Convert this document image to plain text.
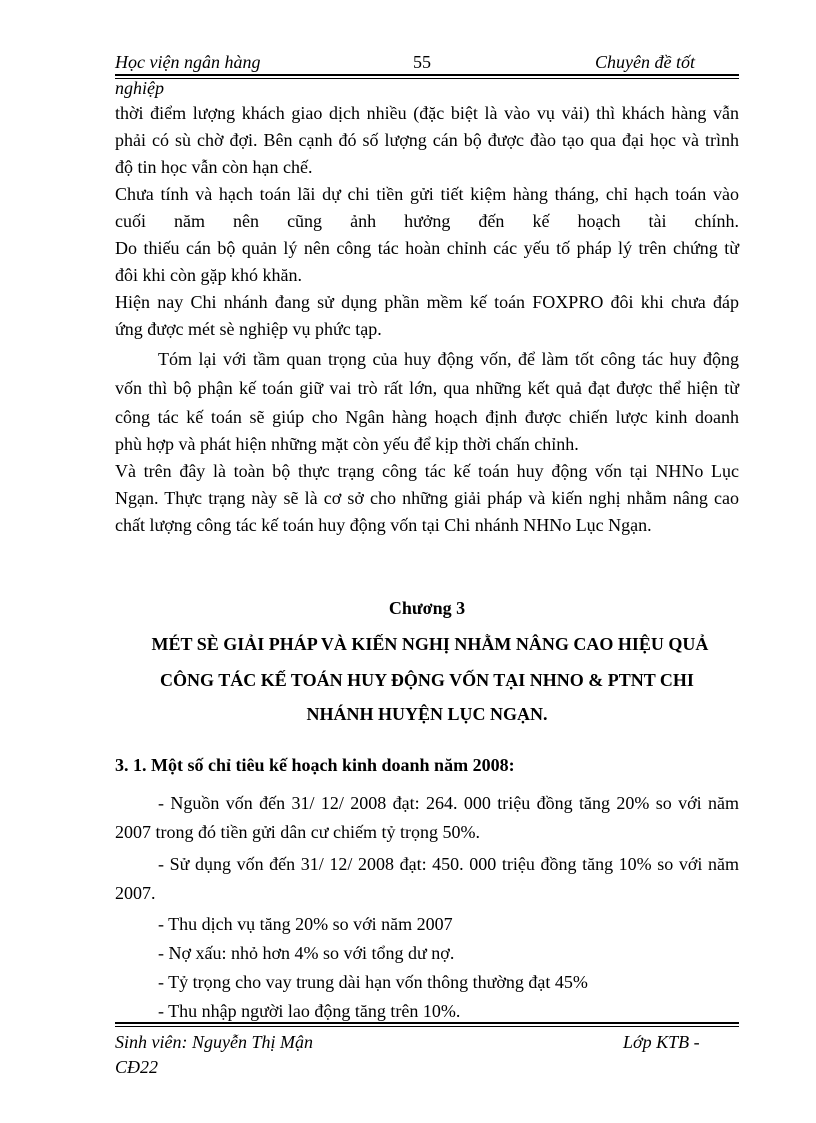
Học viện ngân hàng	55	Chuyên đề tốt
nghiệp
thời điểm lượng khách giao dịch nhiều (đặc biệt là vào vụ vải) thì khách hàng vẫn
phải có sù chờ đợi. Bên cạnh đó số lượng cán bộ được đào tạo qua đại học và trình
độ tin học vẫn còn hạn chế.
Chưa tính và hạch toán lãi dự chi tiền gửi tiết kiệm hàng tháng, chỉ hạch toán vào
cuối năm nên cũng ảnh hưởng đến kế hoạch tài chính.
Do thiếu cán bộ quản lý nên công tác hoàn chỉnh các yếu tố pháp lý trên chứng từ
đôi khi còn gặp khó khăn.
Hiện nay Chi nhánh đang sử dụng phần mềm kế toán FOXPRO đôi khi chưa đáp
ứng được mét sè nghiệp vụ phức tạp.
Tóm lại với tầm quan trọng của huy động vốn, để làm tốt công tác huy động
vốn thì bộ phận kế toán giữ vai trò rất lớn, qua những kết quả đạt được thể hiện từ
công tác kế toán sẽ giúp cho Ngân hàng hoạch định được chiến lược kinh doanh
phù hợp và phát hiện những mặt còn yếu để kịp thời chấn chỉnh.
Và trên đây là toàn bộ thực trạng công tác kế toán huy động vốn tại NHNo Lục
Ngạn. Thực trạng này sẽ là cơ sở cho những giải pháp và kiến nghị nhằm nâng cao
chất lượng công tác kế toán huy động vốn tại Chi nhánh NHNo Lục Ngạn.
Chương 3
MÉT SÈ GIẢI PHÁP VÀ KIẾN NGHỊ NHẰM NÂNG CAO HIỆU QUẢ
CÔNG TÁC KẾ TOÁN HUY ĐỘNG VỐN TẠI NHNO & PTNT CHI
NHÁNH HUYỆN LỤC NGẠN.
3. 1. Một số chỉ tiêu kế hoạch kinh doanh năm 2008:
- Nguồn vốn đến 31/ 12/ 2008 đạt: 264. 000 triệu đồng tăng 20% so với năm
2007 trong đó tiền gửi dân cư chiếm tỷ trọng 50%.
- Sử dụng vốn đến 31/ 12/ 2008 đạt: 450. 000 triệu đồng tăng 10% so với năm
2007.
- Thu dịch vụ tăng 20% so với năm 2007
- Nợ xấu: nhỏ hơn 4% so với tổng dư nợ.
- Tỷ trọng cho vay trung dài hạn vốn thông thường đạt 45%
- Thu nhập người lao động tăng trên 10%.
Sinh viên: Nguyễn Thị Mận	Lớp KTB -
CĐ22
